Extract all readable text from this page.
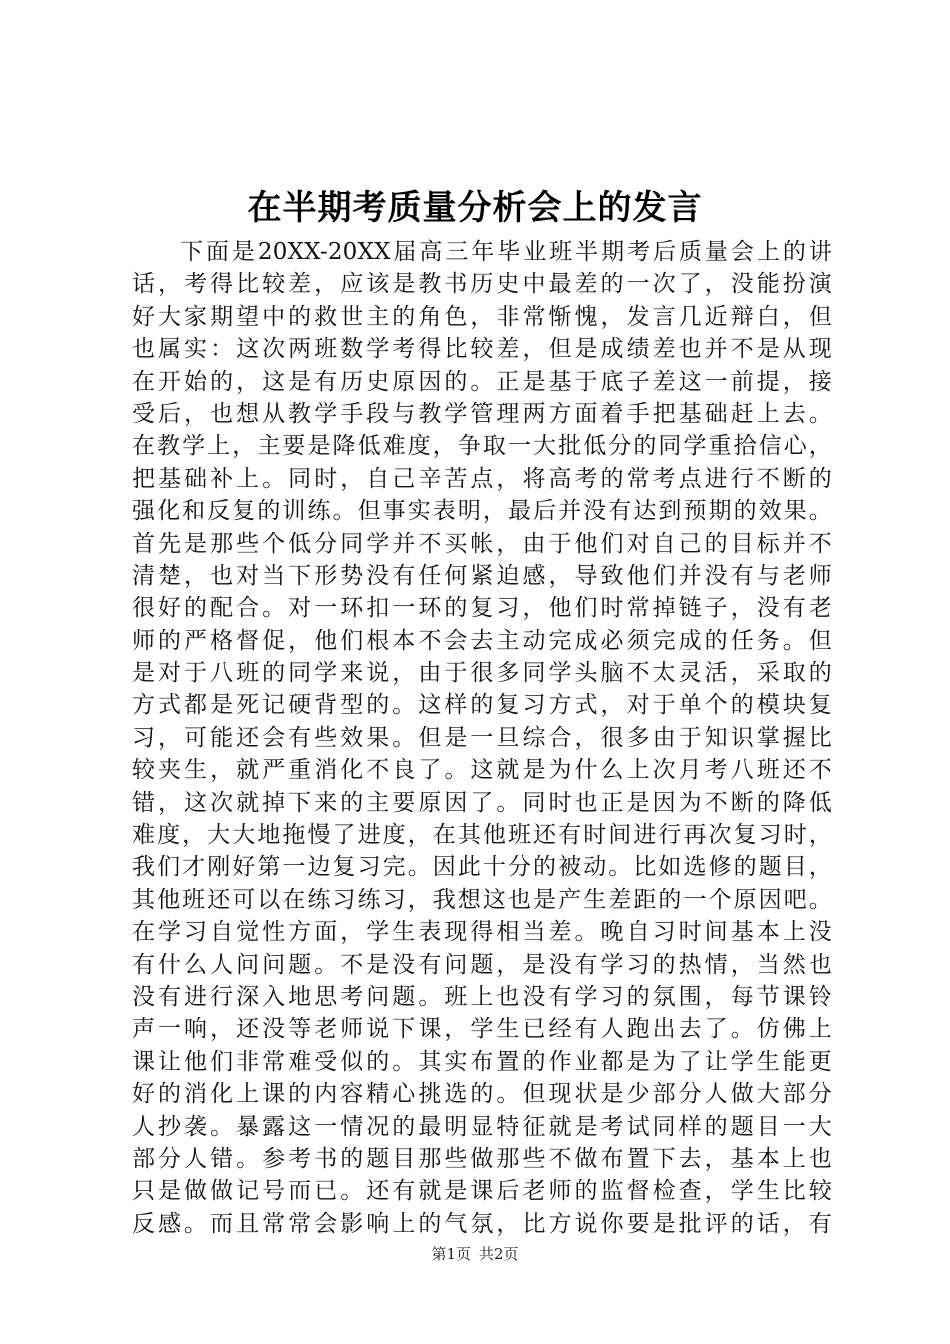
在半期考质量分析会上的发言
下面是20XX-20XX届高三年毕业班半期考后质量会上的讲
话，考得比较差，应该是教书历史中最差的一次了，没能扮演
好大家期望中的救世主的角色，非常惭愧，发言几近辩白，但
也属实：这次两班数学考得比较差，但是成绩差也并不是从现
在开始的，这是有历史原因的。正是基于底子差这一前提，接
受后，也想从教学手段与教学管理两方面着手把基础赶上去。
在教学上，主要是降低难度，争取一大批低分的同学重拾信心，
把基础补上。同时，自己辛苦点，将高考的常考点进行不断的
强化和反复的训练。但事实表明，最后并没有达到预期的效果。
首先是那些个低分同学并不买帐，由于他们对自己的目标并不
清楚，也对当下形势没有任何紧迫感，导致他们并没有与老师
很好的配合。对一环扣一环的复习，他们时常掉链子，没有老
师的严格督促，他们根本不会去主动完成必须完成的任务。但
是对于八班的同学来说，由于很多同学头脑不太灵活，采取的
方式都是死记硬背型的。这样的复习方式，对于单个的模块复
习，可能还会有些效果。但是一旦综合，很多由于知识掌握比
较夹生，就严重消化不良了。这就是为什么上次月考八班还不
错，这次就掉下来的主要原因了。同时也正是因为不断的降低
难度，大大地拖慢了进度，在其他班还有时间进行再次复习时，
我们才刚好第一边复习完。因此十分的被动。比如选修的题目，
其他班还可以在练习练习，我想这也是产生差距的一个原因吧。
在学习自觉性方面，学生表现得相当差。晚自习时间基本上没
有什么人问问题。不是没有问题，是没有学习的热情，当然也
没有进行深入地思考问题。班上也没有学习的氛围，每节课铃
声一响，还没等老师说下课，学生已经有人跑出去了。仿佛上
课让他们非常难受似的。其实布置的作业都是为了让学生能更
好的消化上课的内容精心挑选的。但现状是少部分人做大部分
人抄袭。暴露这一情况的最明显特征就是考试同样的题目一大
部分人错。参考书的题目那些做那些不做布置下去，基本上也
只是做做记号而已。还有就是课后老师的监督检查，学生比较
反感。而且常常会影响上的气氛，比方说你要是批评的话，有
第1页 共2页
